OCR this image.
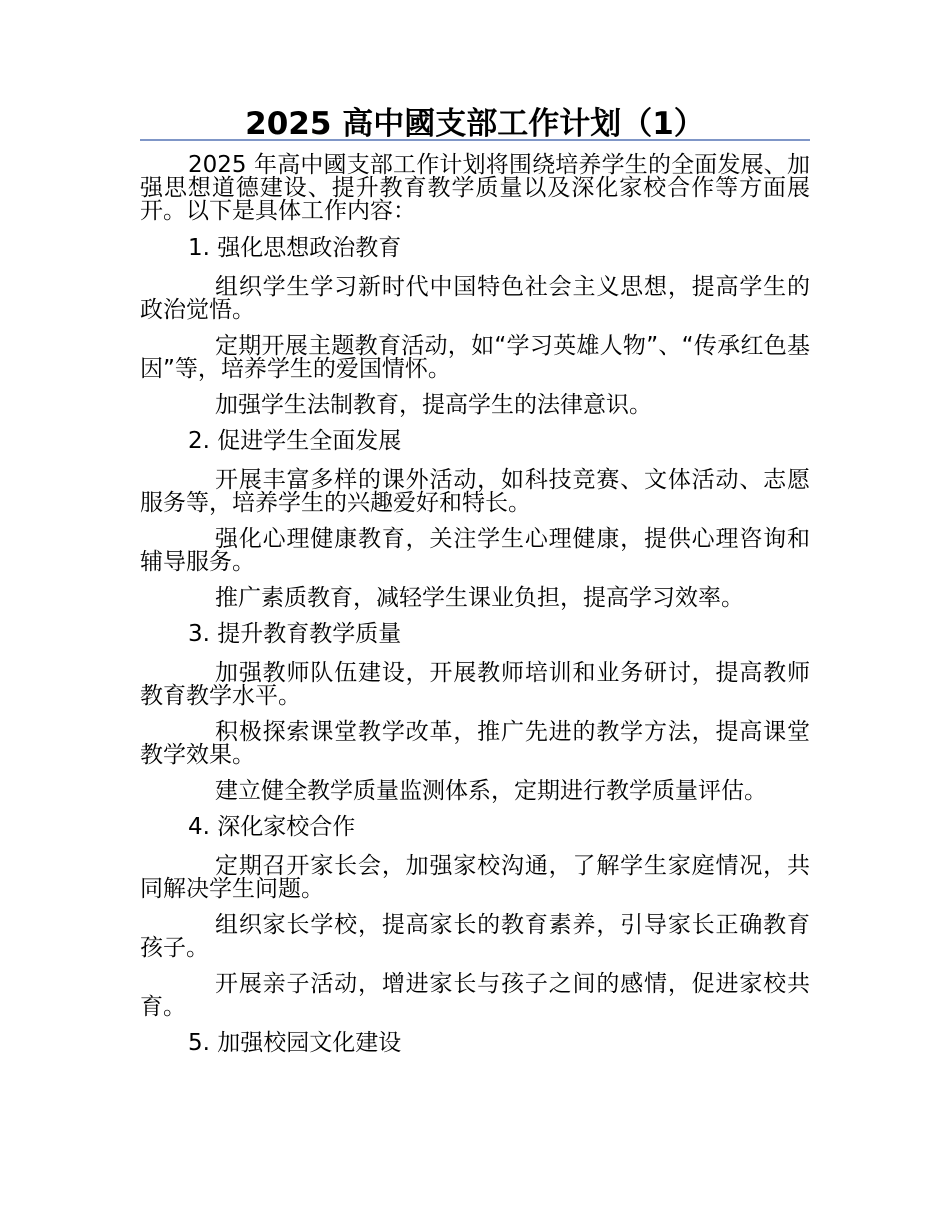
2025 高中國支部工作计划（1）

2025 年高中國支部工作计划将围绕培养学生的全面发展、加强思想道德建设、提升教育教学质量以及深化家校合作等方面展开。以下是具体工作内容：

1. 强化思想政治教育

组织学生学习新时代中国特色社会主义思想，提高学生的政治觉悟。

定期开展主题教育活动，如“学习英雄人物”、“传承红色基因”等，培养学生的爱国情怀。

加强学生法制教育，提高学生的法律意识。

2. 促进学生全面发展

开展丰富多样的课外活动，如科技竞赛、文体活动、志愿服务等，培养学生的兴趣爱好和特长。

强化心理健康教育，关注学生心理健康，提供心理咨询和辅导服务。

推广素质教育，减轻学生课业负担，提高学习效率。

3. 提升教育教学质量

加强教师队伍建设，开展教师培训和业务研讨，提高教师教育教学水平。

积极探索课堂教学改革，推广先进的教学方法，提高课堂教学效果。

建立健全教学质量监测体系，定期进行教学质量评估。

4. 深化家校合作

定期召开家长会，加强家校沟通，了解学生家庭情况，共同解决学生问题。

组织家长学校，提高家长的教育素养，引导家长正确教育孩子。

开展亲子活动，增进家长与孩子之间的感情，促进家校共育。

5. 加强校园文化建设
